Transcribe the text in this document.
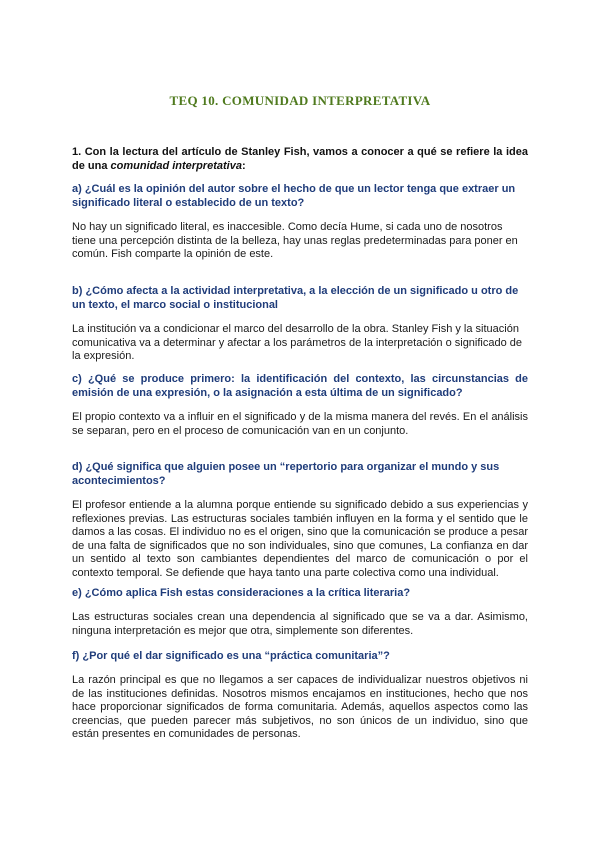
TEQ 10. COMUNIDAD INTERPRETATIVA
1. Con la lectura del artículo de Stanley Fish, vamos a conocer a qué se refiere la idea de una comunidad interpretativa:
a) ¿Cuál es la opinión del autor sobre el hecho de que un lector tenga que extraer un significado literal o establecido de un texto?
No hay un significado literal, es inaccesible. Como decía Hume, si cada uno de nosotros tiene una percepción distinta de la belleza, hay unas reglas predeterminadas para poner en común. Fish comparte la opinión de este.
b) ¿Cómo afecta a la actividad interpretativa, a la elección de un significado u otro de un texto, el marco social o institucional
La institución va a condicionar el marco del desarrollo de la obra. Stanley Fish y la situación comunicativa va a determinar y afectar a los parámetros de la interpretación o significado de la expresión.
c) ¿Qué se produce primero: la identificación del contexto, las circunstancias de emisión de una expresión, o la asignación a esta última de un significado?
El propio contexto va a influir en el significado y de la misma manera del revés. En el análisis se separan, pero en el proceso de comunicación van en un conjunto.
d) ¿Qué significa que alguien posee un “repertorio para organizar el mundo y sus acontecimientos?
El profesor entiende a la alumna porque entiende su significado debido a sus experiencias y reflexiones previas. Las estructuras sociales también influyen en la forma y el sentido que le damos a las cosas. El individuo no es el origen, sino que la comunicación se produce a pesar de una falta de significados que no son individuales, sino que comunes, La confianza en dar un sentido al texto son cambiantes dependientes del marco de comunicación o por el contexto temporal. Se defiende que haya tanto una parte colectiva como una individual.
e) ¿Cómo aplica Fish estas consideraciones a la crítica literaria?
Las estructuras sociales crean una dependencia al significado que se va a dar. Asimismo, ninguna interpretación es mejor que otra, simplemente son diferentes.
f) ¿Por qué el dar significado es una “práctica comunitaria”?
La razón principal es que no llegamos a ser capaces de individualizar nuestros objetivos ni de las instituciones definidas. Nosotros mismos encajamos en instituciones, hecho que nos hace proporcionar significados de forma comunitaria. Además, aquellos aspectos como las creencias, que pueden parecer más subjetivos, no son únicos de un individuo, sino que están presentes en comunidades de personas.
